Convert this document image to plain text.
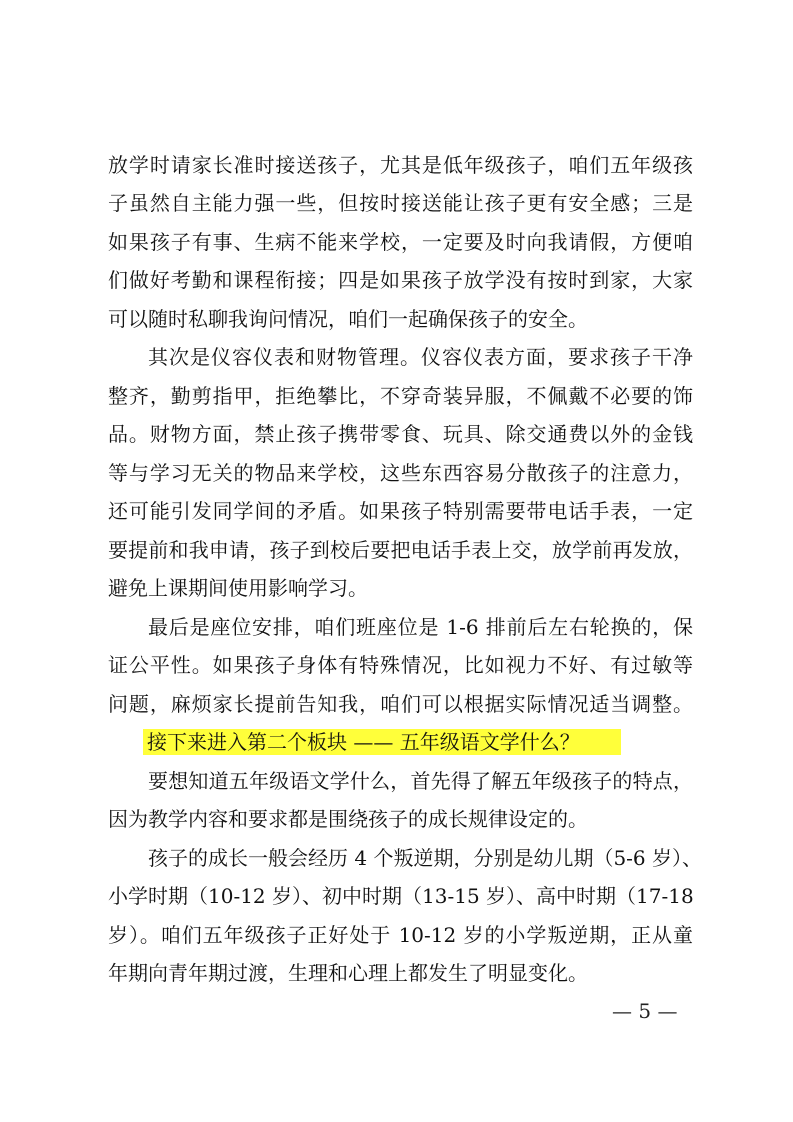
放学时请家长准时接送孩子，尤其是低年级孩子，咱们五年级孩
子虽然自主能力强一些，但按时接送能让孩子更有安全感；三是
如果孩子有事、生病不能来学校，一定要及时向我请假，方便咱
们做好考勤和课程衔接；四是如果孩子放学没有按时到家，大家
可以随时私聊我询问情况，咱们一起确保孩子的安全。
其次是仪容仪表和财物管理。仪容仪表方面，要求孩子干净
整齐，勤剪指甲，拒绝攀比，不穿奇装异服，不佩戴不必要的饰
品。财物方面，禁止孩子携带零食、玩具、除交通费以外的金钱
等与学习无关的物品来学校，这些东西容易分散孩子的注意力，
还可能引发同学间的矛盾。如果孩子特别需要带电话手表，一定
要提前和我申请，孩子到校后要把电话手表上交，放学前再发放，
避免上课期间使用影响学习。
最后是座位安排，咱们班座位是 1-6 排前后左右轮换的，保
证公平性。如果孩子身体有特殊情况，比如视力不好、有过敏等
问题，麻烦家长提前告知我，咱们可以根据实际情况适当调整。
接下来进入第二个板块 —— 五年级语文学什么？
要想知道五年级语文学什么，首先得了解五年级孩子的特点，
因为教学内容和要求都是围绕孩子的成长规律设定的。
孩子的成长一般会经历 4 个叛逆期，分别是幼儿期（5-6 岁）、
小学时期（10-12 岁）、初中时期（13-15 岁）、高中时期（17-18
岁）。咱们五年级孩子正好处于 10-12 岁的小学叛逆期，正从童
年期向青年期过渡，生理和心理上都发生了明显变化。
— 5 —
